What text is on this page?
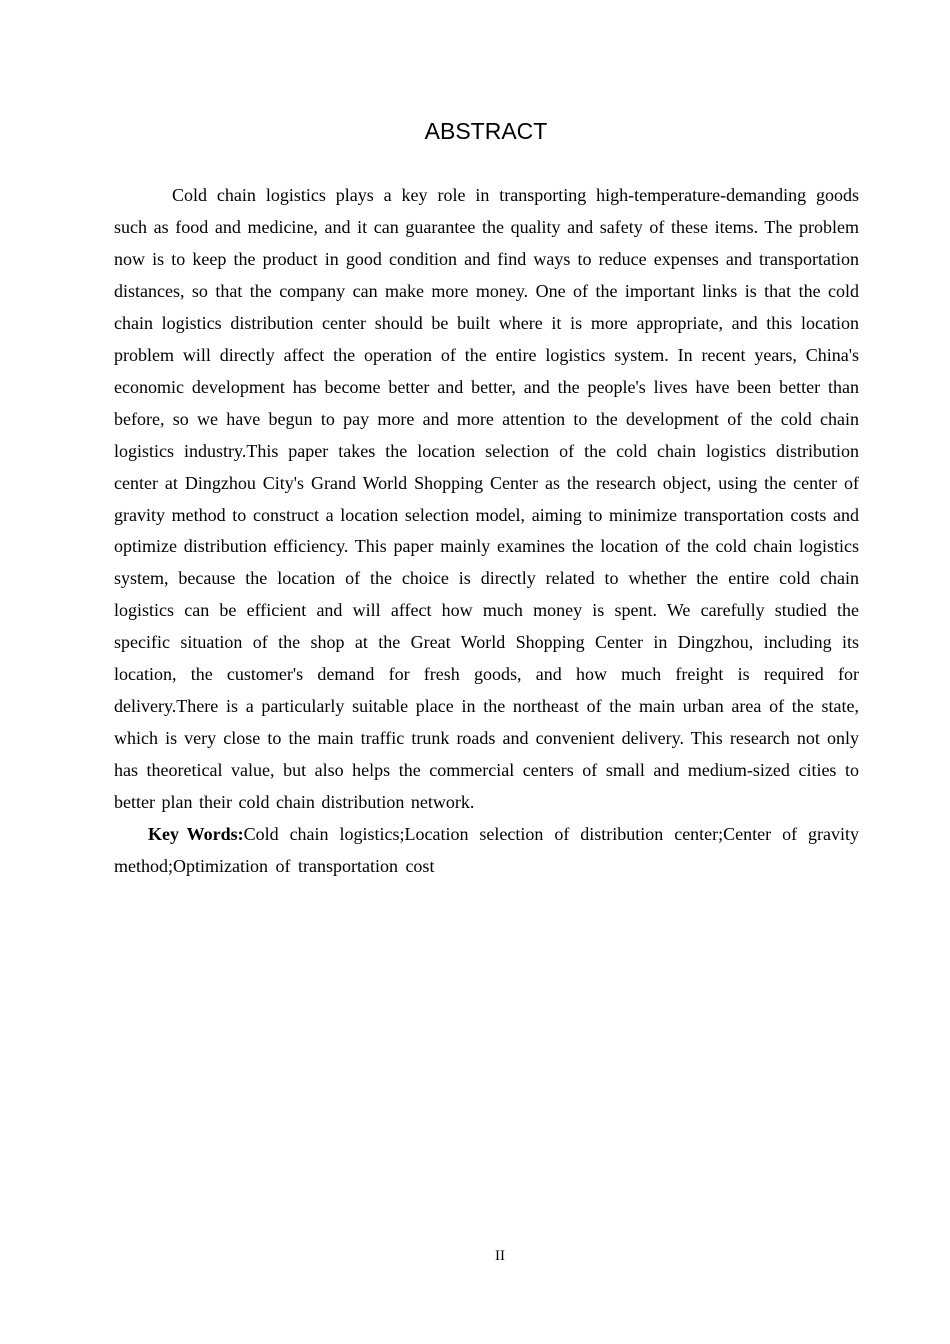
ABSTRACT

Cold chain logistics plays a key role in transporting high-temperature-demanding goods such as food and medicine, and it can guarantee the quality and safety of these items. The problem now is to keep the product in good condition and find ways to reduce expenses and transportation distances, so that the company can make more money. One of the important links is that the cold chain logistics distribution center should be built where it is more appropriate, and this location problem will directly affect the operation of the entire logistics system. In recent years, China's economic development has become better and better, and the people's lives have been better than before, so we have begun to pay more and more attention to the development of the cold chain logistics industry.This paper takes the location selection of the cold chain logistics distribution center at Dingzhou City's Grand World Shopping Center as the research object, using the center of gravity method to construct a location selection model, aiming to minimize transportation costs and optimize distribution efficiency. This paper mainly examines the location of the cold chain logistics system, because the location of the choice is directly related to whether the entire cold chain logistics can be efficient and will affect how much money is spent. We carefully studied the specific situation of the shop at the Great World Shopping Center in Dingzhou, including its location, the customer's demand for fresh goods, and how much freight is required for delivery.There is a particularly suitable place in the northeast of the main urban area of the state, which is very close to the main traffic trunk roads and convenient delivery. This research not only has theoretical value, but also helps the commercial centers of small and medium-sized cities to better plan their cold chain distribution network.

Key Words:Cold chain logistics;Location selection of distribution center;Center of gravity method;Optimization of transportation cost

II
